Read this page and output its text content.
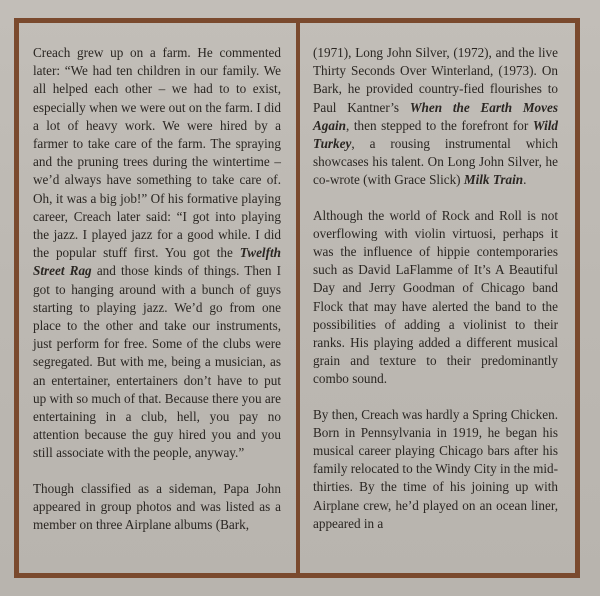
Creach grew up on a farm. He commented later: “We had ten children in our family. We all helped each other – we had to to exist, especially when we were out on the farm. I did a lot of heavy work. We were hired by a farmer to take care of the farm. The spraying and the pruning trees during the wintertime – we’d always have something to take care of. Oh, it was a big job!” Of his formative playing career, Creach later said: “I got into playing the jazz. I played jazz for a good while. I did the popular stuff first. You got the Twelfth Street Rag and those kinds of things. Then I got to hanging around with a bunch of guys starting to playing jazz. We’d go from one place to the other and take our instruments, just perform for free. Some of the clubs were segregated. But with me, being a musician, as an entertainer, entertainers don’t have to put up with so much of that. Because there you are entertaining in a club, hell, you pay no attention because the guy hired you and you still associate with the people, anyway.”

Though classified as a sideman, Papa John appeared in group photos and was listed as a member on three Airplane albums (Bark,

(1971), Long John Silver, (1972), and the live Thirty Seconds Over Winterland, (1973). On Bark, he provided country-fied flourishes to Paul Kantner’s When the Earth Moves Again, then stepped to the forefront for Wild Turkey, a rousing instrumental which showcases his talent. On Long John Silver, he co-wrote (with Grace Slick) Milk Train.

Although the world of Rock and Roll is not overflowing with violin virtuosi, perhaps it was the influence of hippie contemporaries such as David LaFlamme of It’s A Beautiful Day and Jerry Goodman of Chicago band Flock that may have alerted the band to the possibilities of adding a violinist to their ranks. His playing added a different musical grain and texture to their predominantly combo sound.

By then, Creach was hardly a Spring Chicken. Born in Pennsylvania in 1919, he began his musical career playing Chicago bars after his family relocated to the Windy City in the mid-thirties. By the time of his joining up with Airplane crew, he’d played on an ocean liner, appeared in a
